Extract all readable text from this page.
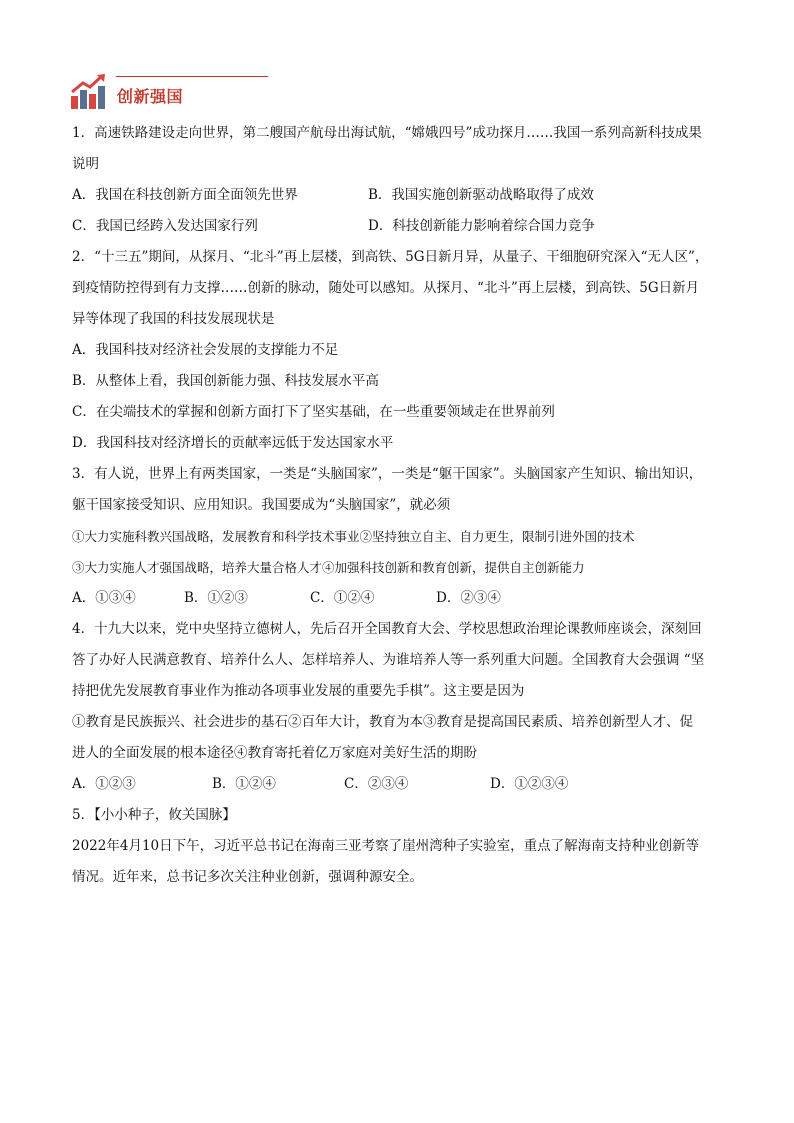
创新强国
1．高速铁路建设走向世界，第二艘国产航母出海试航，“嫦娥四号”成功探月……我国一系列高新科技成果
说明
A．我国在科技创新方面全面领先世界	B．我国实施创新驱动战略取得了成效
C．我国已经跨入发达国家行列	D．科技创新能力影响着综合国力竞争
2．“十三五”期间，从探月、“北斗”再上层楼，到高铁、5G日新月异，从量子、干细胞研究深入“无人区”，
到疫情防控得到有力支撑……创新的脉动，随处可以感知。从探月、“北斗”再上层楼，到高铁、5G日新月
异等体现了我国的科技发展现状是
A．我国科技对经济社会发展的支撑能力不足
B．从整体上看，我国创新能力强、科技发展水平高
C．在尖端技术的掌握和创新方面打下了坚实基础，在一些重要领域走在世界前列
D．我国科技对经济增长的贡献率远低于发达国家水平
3．有人说，世界上有两类国家，一类是“头脑国家”，一类是“躯干国家”。头脑国家产生知识、输出知识，
躯干国家接受知识、应用知识。我国要成为“头脑国家”，就必须
①大力实施科教兴国战略，发展教育和科学技术事业②坚持独立自主、自力更生，限制引进外国的技术
③大力实施人才强国战略，培养大量合格人才④加强科技创新和教育创新，提供自主创新能力
A．①③④	B．①②③	C．①②④	D．②③④
4．十九大以来，党中央坚持立德树人，先后召开全国教育大会、学校思想政治理论课教师座谈会，深刻回
答了办好人民满意教育、培养什么人、怎样培养人、为谁培养人等一系列重大问题。全国教育大会强调 “坚
持把优先发展教育事业作为推动各项事业发展的重要先手棋”。这主要是因为
①教育是民族振兴、社会进步的基石②百年大计，教育为本③教育是提高国民素质、培养创新型人才、促
进人的全面发展的根本途径④教育寄托着亿万家庭对美好生活的期盼
A．①②③	B．①②④	C．②③④	D．①②③④
5．【小小种子，攸关国脉】
2022年4月10日下午，习近平总书记在海南三亚考察了崖州湾种子实验室，重点了解海南支持种业创新等
情况。近年来，总书记多次关注种业创新，强调种源安全。
